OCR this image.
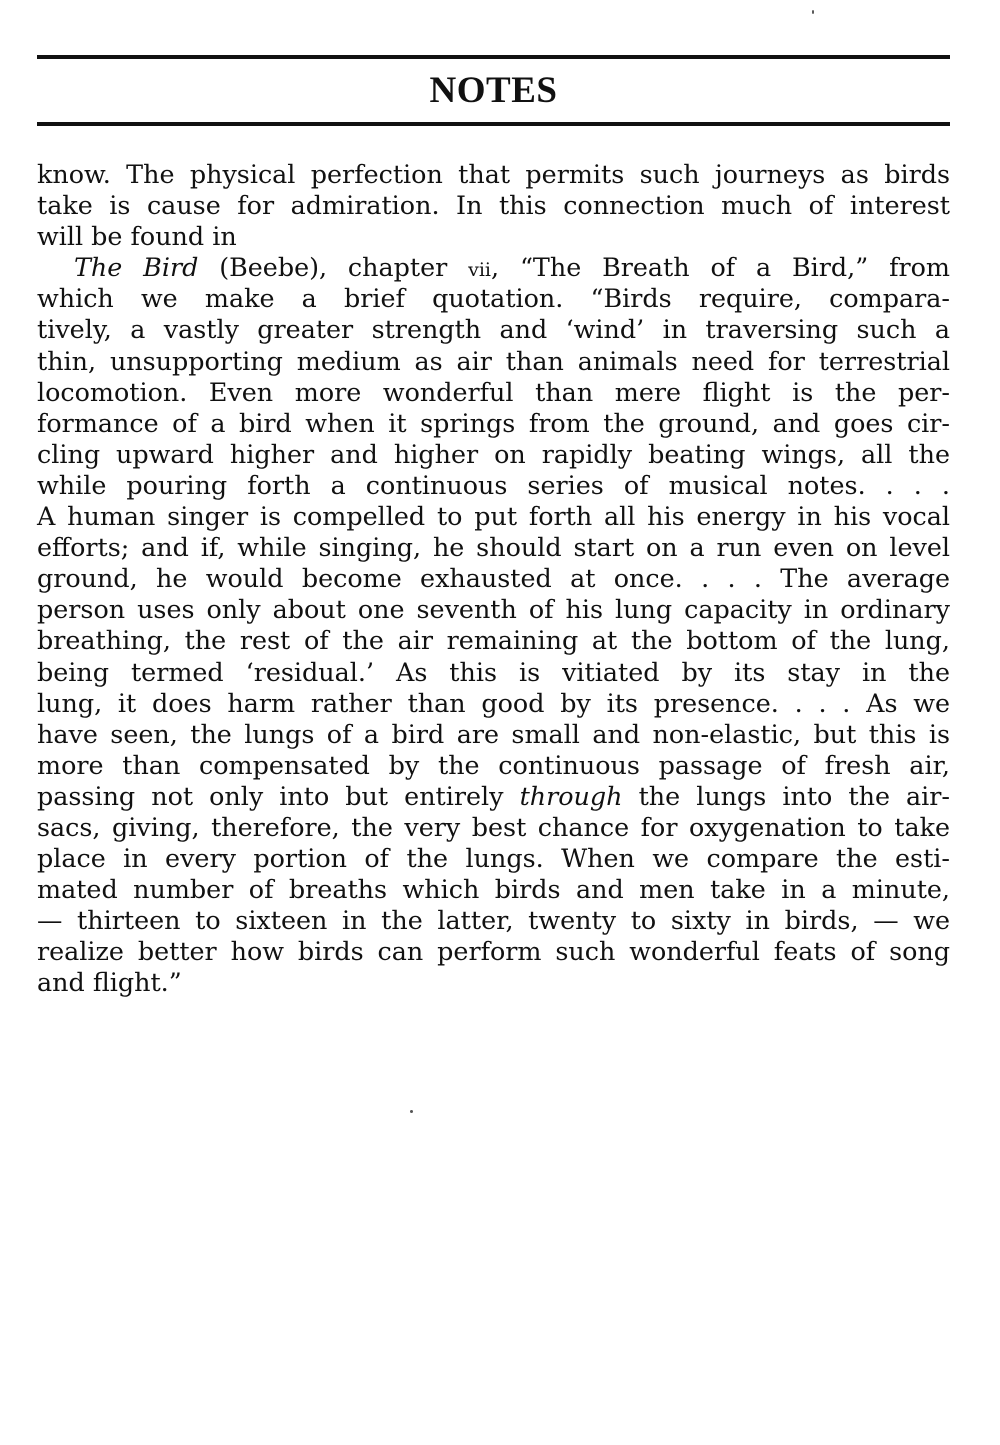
NOTES
know. The physical perfection that permits such journeys as birds
take is cause for admiration. In this connection much of interest
will be found in
The Bird (Beebe), chapter vii, “The Breath of a Bird,” from
which we make a brief quotation. “Birds require, compara-
tively, a vastly greater strength and ‘wind’ in traversing such a
thin, unsupporting medium as air than animals need for terrestrial
locomotion. Even more wonderful than mere flight is the per-
formance of a bird when it springs from the ground, and goes cir-
cling upward higher and higher on rapidly beating wings, all the
while pouring forth a continuous series of musical notes. . . .
A human singer is compelled to put forth all his energy in his vocal
efforts; and if, while singing, he should start on a run even on level
ground, he would become exhausted at once. . . . The average
person uses only about one seventh of his lung capacity in ordinary
breathing, the rest of the air remaining at the bottom of the lung,
being termed ‘residual.’ As this is vitiated by its stay in the
lung, it does harm rather than good by its presence. . . . As we
have seen, the lungs of a bird are small and non-elastic, but this is
more than compensated by the continuous passage of fresh air,
passing not only into but entirely through the lungs into the air-
sacs, giving, therefore, the very best chance for oxygenation to take
place in every portion of the lungs. When we compare the esti-
mated number of breaths which birds and men take in a minute,
— thirteen to sixteen in the latter, twenty to sixty in birds, — we
realize better how birds can perform such wonderful feats of song
and flight.”
